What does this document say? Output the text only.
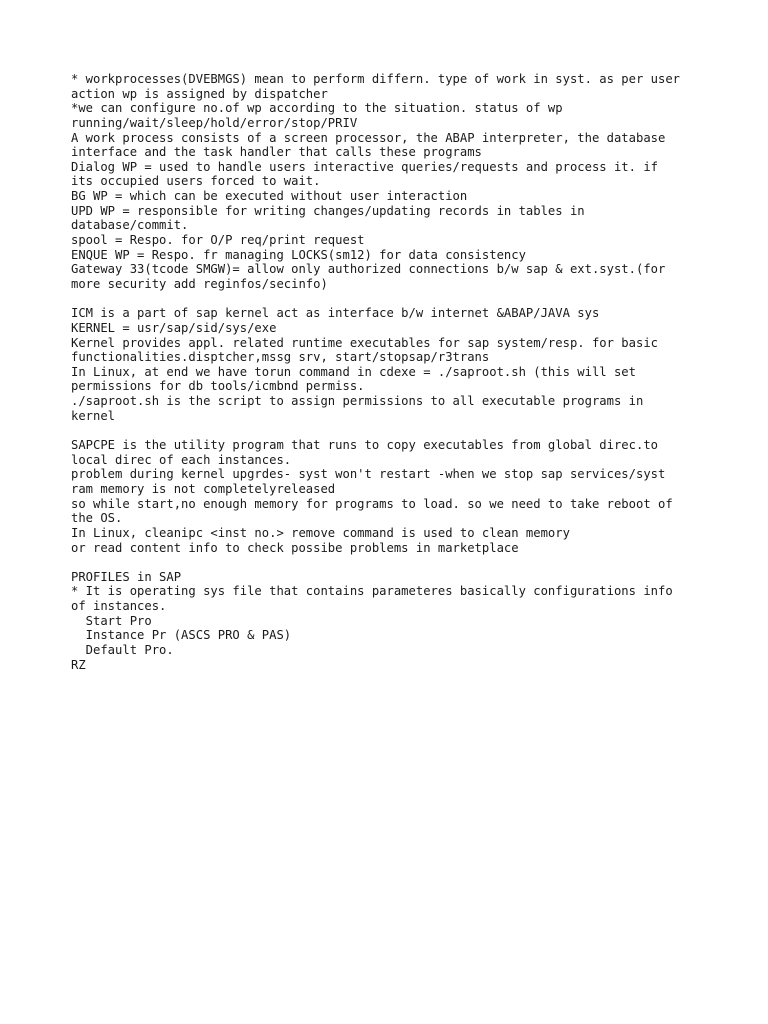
* workprocesses(DVEBMGS) mean to perform differn. type of work in syst. as per user
action wp is assigned by dispatcher
*we can configure no.of wp according to the situation. status of wp
running/wait/sleep/hold/error/stop/PRIV
A work process consists of a screen processor, the ABAP interpreter, the database
interface and the task handler that calls these programs
Dialog WP = used to handle users interactive queries/requests and process it. if
its occupied users forced to wait.
BG WP = which can be executed without user interaction
UPD WP = responsible for writing changes/updating records in tables in
database/commit.
spool = Respo. for O/P req/print request
ENQUE WP = Respo. fr managing LOCKS(sm12) for data consistency
Gateway 33(tcode SMGW)= allow only authorized connections b/w sap & ext.syst.(for
more security add reginfos/secinfo)
ICM is a part of sap kernel act as interface b/w internet &ABAP/JAVA sys
KERNEL = usr/sap/sid/sys/exe
Kernel provides appl. related runtime executables for sap system/resp. for basic
functionalities.disptcher,mssg srv, start/stopsap/r3trans
In Linux, at end we have torun command in cdexe = ./saproot.sh (this will set
permissions for db tools/icmbnd permiss.
./saproot.sh is the script to assign permissions to all executable programs in
kernel
SAPCPE is the utility program that runs to copy executables from global direc.to
local direc of each instances.
problem during kernel upgrdes- syst won't restart -when we stop sap services/syst
ram memory is not completelyreleased
so while start,no enough memory for programs to load. so we need to take reboot of
the OS.
In Linux, cleanipc <inst no.> remove command is used to clean memory
or read content info to check possibe problems in marketplace
PROFILES in SAP
* It is operating sys file that contains parameteres basically configurations info
of instances.
Start Pro
Instance Pr (ASCS PRO & PAS)
Default Pro.
RZ
